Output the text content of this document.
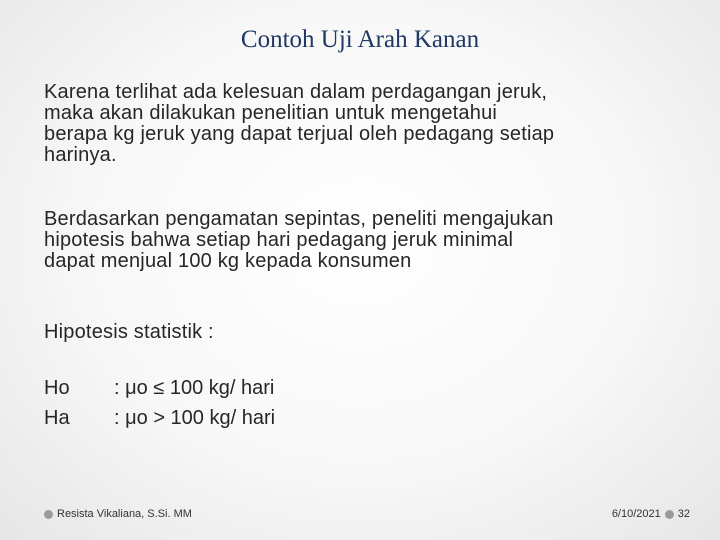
Contoh Uji Arah Kanan
Karena terlihat ada kelesuan dalam perdagangan jeruk,
maka akan dilakukan penelitian untuk mengetahui
berapa kg jeruk yang dapat terjual oleh pedagang setiap
harinya.
Berdasarkan pengamatan sepintas, peneliti mengajukan
hipotesis bahwa setiap hari pedagang jeruk minimal
dapat menjual 100 kg kepada konsumen
Hipotesis statistik :
Ho	: μo ≤ 100 kg/ hari
Ha	: μo > 100 kg/ hari
Resista Vikaliana, S.Si. MM	6/10/2021 32
